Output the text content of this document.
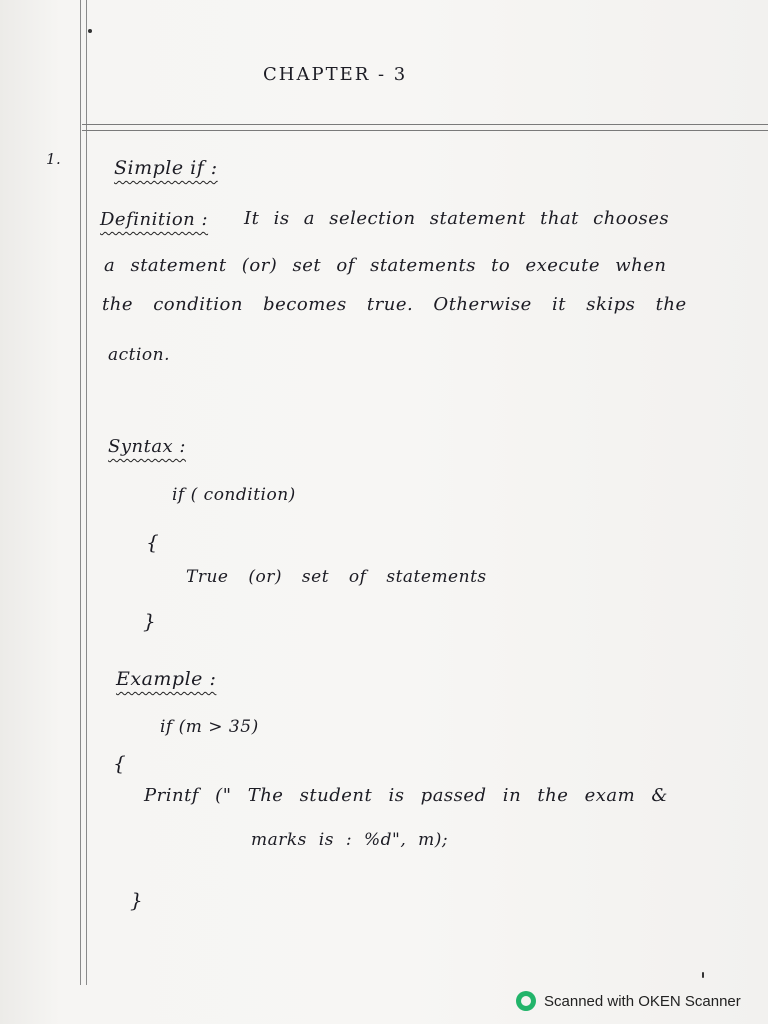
CHAPTER - 3
1.	Simple if :
Definition : It is a selection statement that chooses
a statement (or) set of statements to execute when
the condition becomes true. Otherwise it skips the
action.
Syntax :
if ( condition)
{
True (or) set of statements
}
Example :
if (m > 35)
{
Printf (" The student is passed in the exam &
marks is : %d", m);
}
Scanned with OKEN Scanner
